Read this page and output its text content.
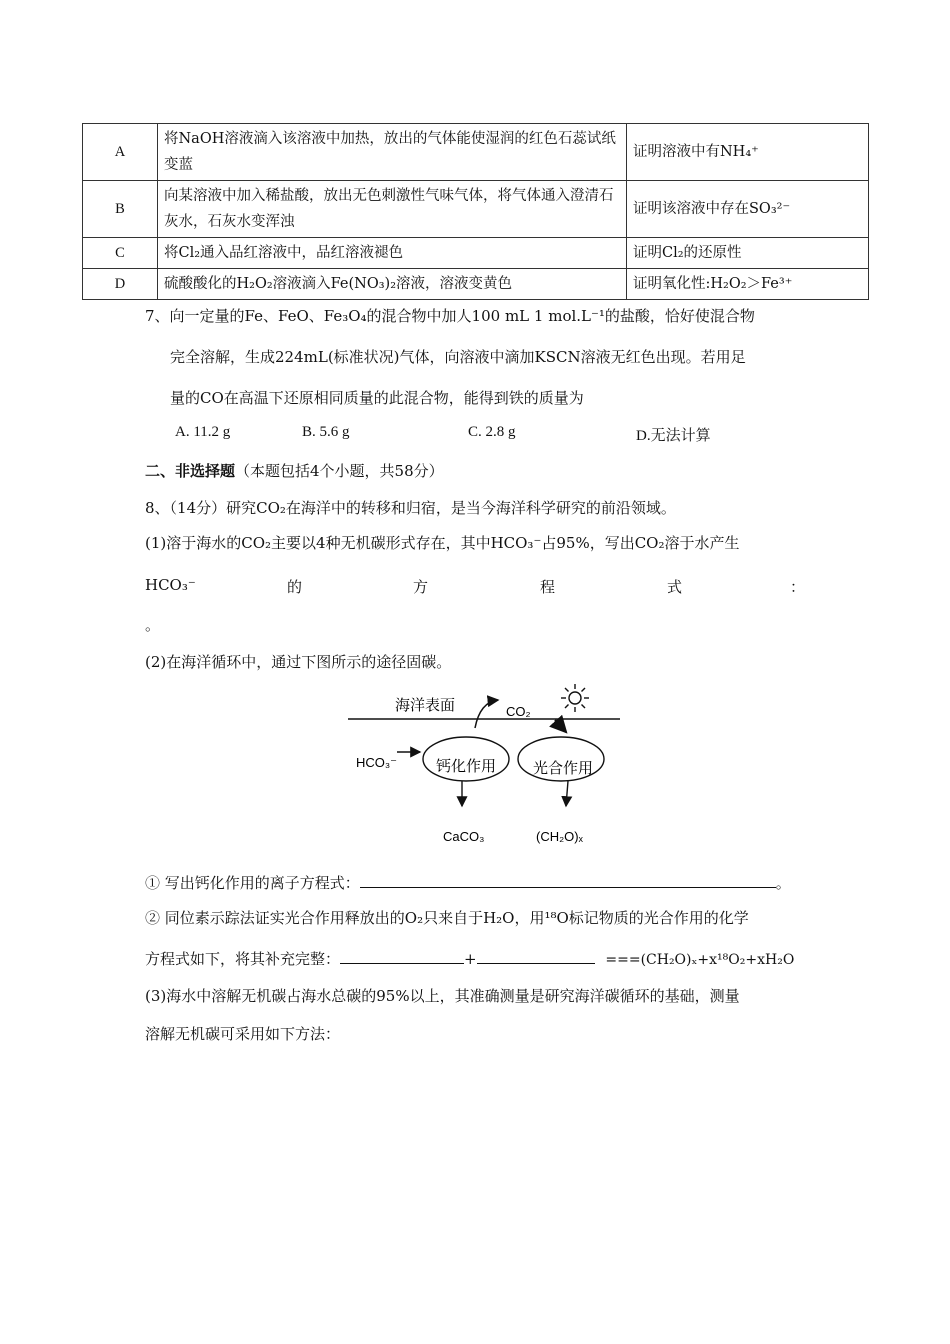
A	将NaOH溶液滴入该溶液中加热，放出的气体能使湿润的红色石蕊试纸变蓝	证明溶液中有NH₄⁺
B	向某溶液中加入稀盐酸，放出无色刺激性气味气体，将气体通入澄清石灰水，石灰水变浑浊	证明该溶液中存在SO₃²⁻
C	将Cl₂通入品红溶液中，品红溶液褪色	证明Cl₂的还原性
D	硫酸酸化的H₂O₂溶液滴入Fe(NO₃)₂溶液，溶液变黄色	证明氧化性:H₂O₂＞Fe³⁺
7、向一定量的Fe、FeO、Fe₃O₄的混合物中加人100 mL 1 mol.L⁻¹的盐酸，恰好使混合物
完全溶解，生成224mL(标准状况)气体，向溶液中滴加KSCN溶液无红色出现。若用足
量的CO在高温下还原相同质量的此混合物，能得到铁的质量为
A. 11.2 g	B. 5.6 g	C. 2.8 g	D.无法计算
二、非选择题（本题包括4个小题，共58分）
8、（14分）研究CO₂在海洋中的转移和归宿，是当今海洋科学研究的前沿领域。
(1)溶于海水的CO₂主要以4种无机碳形式存在，其中HCO₃⁻占95%，写出CO₂溶于水产生
HCO₃⁻	的	方	程	式	：
。
(2)在海洋循环中，通过下图所示的途径固碳。
海洋表面	CO₂
钙化作用 光合作用
HCO₃⁻
CaCO₃	(CH₂O)ₓ
① 写出钙化作用的离子方程式：	。
② 同位素示踪法证实光合作用释放出的O₂只来自于H₂O，用¹⁸O标记物质的光合作用的化学
方程式如下，将其补充完整：	+	===(CH₂O)ₓ+x¹⁸O₂+xH₂O
(3)海水中溶解无机碳占海水总碳的95%以上，其准确测量是研究海洋碳循环的基础，测量
溶解无机碳可采用如下方法：
